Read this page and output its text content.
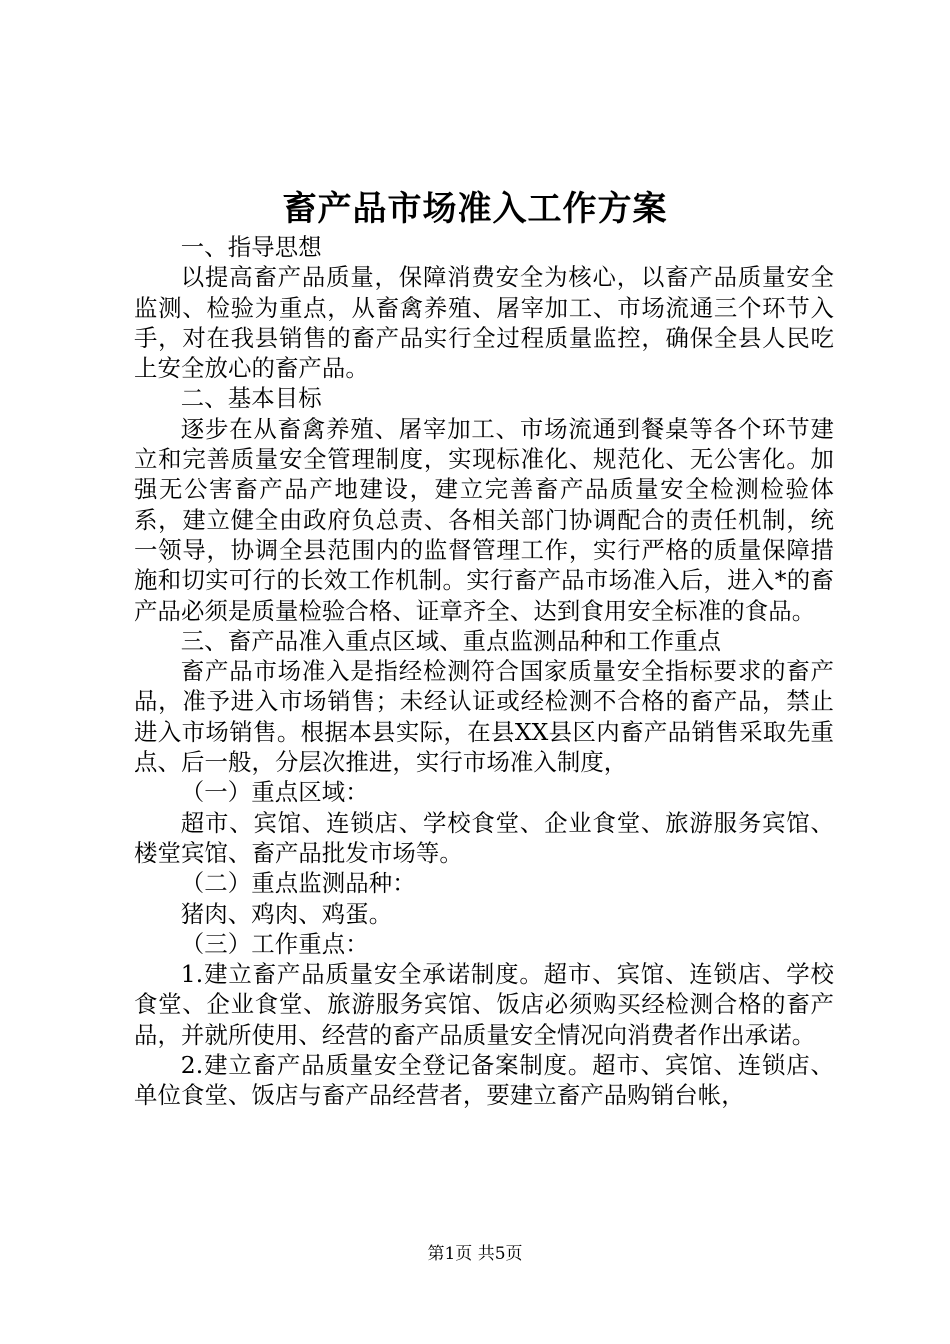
畜产品市场准入工作方案

一、指导思想

以提高畜产品质量，保障消费安全为核心，以畜产品质量安全监测、检验为重点，从畜禽养殖、屠宰加工、市场流通三个环节入手，对在我县销售的畜产品实行全过程质量监控，确保全县人民吃上安全放心的畜产品。

二、基本目标

逐步在从畜禽养殖、屠宰加工、市场流通到餐桌等各个环节建立和完善质量安全管理制度，实现标准化、规范化、无公害化。加强无公害畜产品产地建设，建立完善畜产品质量安全检测检验体系，建立健全由政府负总责、各相关部门协调配合的责任机制，统一领导，协调全县范围内的监督管理工作，实行严格的质量保障措施和切实可行的长效工作机制。实行畜产品市场准入后，进入*的畜产品必须是质量检验合格、证章齐全、达到食用安全标准的食品。

三、畜产品准入重点区域、重点监测品种和工作重点

畜产品市场准入是指经检测符合国家质量安全指标要求的畜产品，准予进入市场销售；未经认证或经检测不合格的畜产品，禁止进入市场销售。根据本县实际，在县XX县区内畜产品销售采取先重点、后一般，分层次推进，实行市场准入制度，

（一）重点区域：

超市、宾馆、连锁店、学校食堂、企业食堂、旅游服务宾馆、楼堂宾馆、畜产品批发市场等。

（二）重点监测品种：

猪肉、鸡肉、鸡蛋。

（三）工作重点：

1.建立畜产品质量安全承诺制度。超市、宾馆、连锁店、学校食堂、企业食堂、旅游服务宾馆、饭店必须购买经检测合格的畜产品，并就所使用、经营的畜产品质量安全情况向消费者作出承诺。

2.建立畜产品质量安全登记备案制度。超市、宾馆、连锁店、单位食堂、饭店与畜产品经营者，要建立畜产品购销台帐，

第1页 共5页
